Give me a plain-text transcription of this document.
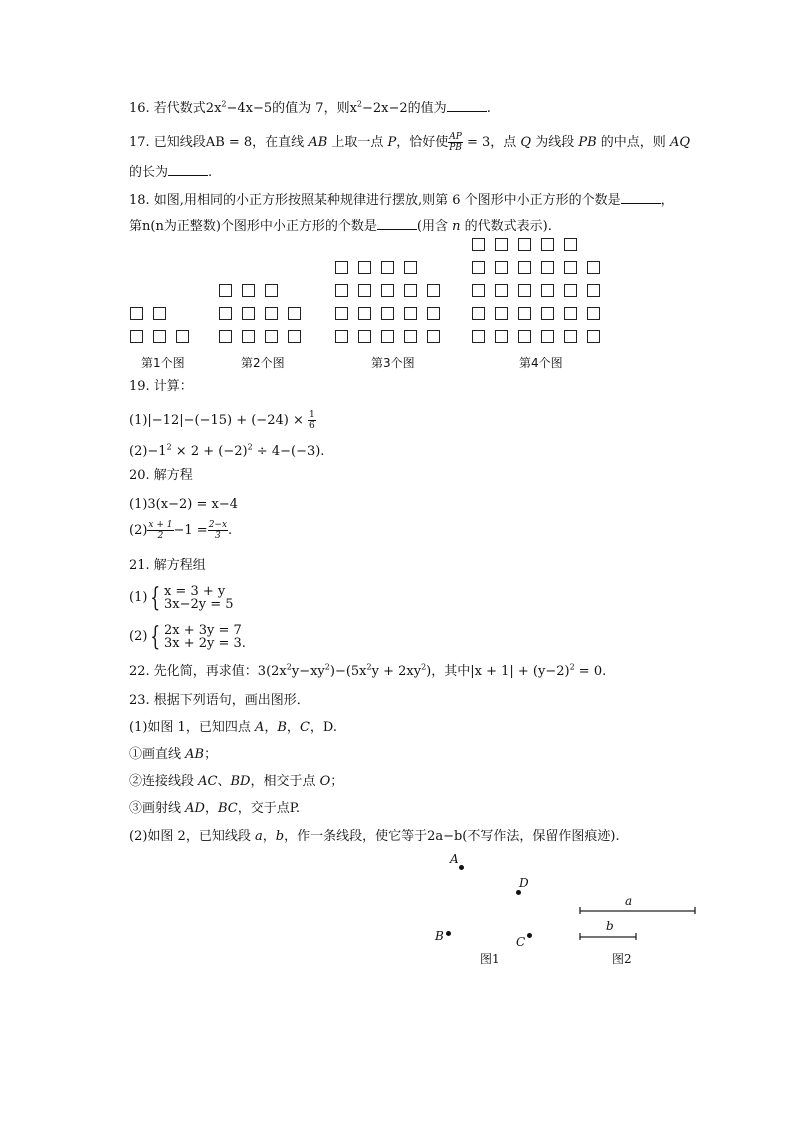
16. 若代数式$2x^2-4x-5$的值为 7，则$x^2-2x-2$的值为	.
17. 已知线段AB = 8，在直线 AB 上取一点 P，恰好使 $\frac{AP}{PB} = 3$，点 Q 为线段 PB 的中点，则 AQ
的长为	.
18. 如图,用相同的小正方形按照某种规律进行摆放,则第 6 个图形中小正方形的个数是	，
第n(n为正整数)个图形中小正方形的个数是	(用含 n 的代数式表示).
第1个图	第2个图	第3个图	第4个图
19. 计算：
$(1)|-12|-(-15) + (-24) \times \frac{1}{6}$
$(2)-1^2 \times 2 + (-2)^2 \div 4-(-3)$.
20. 解方程
(1)3(x−2) = x−4
$(2) \frac{x + 1}{2} -1 = \frac{2-x}{3}$ .
21. 解方程组
(1) { x = 3 + y
3x−2y = 5
(2) { 2x + 3y = 7
3x + 2y = 3.
22. 先化简，再求值：$3(2x^2y-xy^2)-(5x^2y + 2xy^2)$，其中$|x + 1| + (y-2)^2 = 0$.
23. 根据下列语句，画出图形．
(1)如图 1，已知四点 A，B，C，D.
①画直线 AB；
②连接线段 AC、BD，相交于点 O；
③画射线 AD，BC，交于点P.
(2)如图 2，已知线段 a，b，作一条线段，使它等于2a−b(不写作法，保留作图痕迹).
A
D
B	C
图1
a
b
图2
